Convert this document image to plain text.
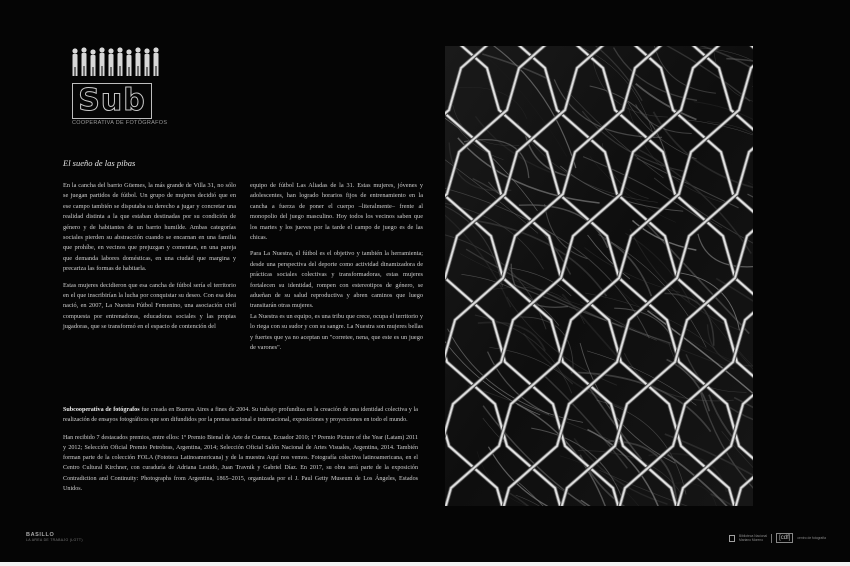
Sub
COOPERATIVA DE FOTÓGRAFOS
El sueño de las pibas

En la cancha del barrio Güemes, la más grande de Villa 31, no sólo se juegan partidos de fútbol. Un grupo de mujeres decidió que en ese campo también se disputaba su derecho a jugar y concretar una realidad distinta a la que estaban destinadas por su condición de género y de habitantes de un barrio humilde. Ambas categorías sociales pierden su abstracción cuando se encarnan en una familia que prohíbe, en vecinos que prejuzgan y comentan, en una pareja que demanda labores domésticas, en una ciudad que margina y precariza las formas de habitarla.

Estas mujeres decidieron que esa cancha de fútbol sería el territorio en el que inscribirían la lucha por conquistar su deseo. Con esa idea nació, en 2007, La Nuestra Fútbol Femenino, una asociación civil compuesta por entrenadoras, educadoras sociales y las propias jugadoras, que se transformó en el espacio de contención del

equipo de fútbol Las Aliadas de la 31. Estas mujeres, jóvenes y adolescentes, han logrado horarios fijos de entrenamiento en la cancha a fuerza de poner el cuerpo –literalmente– frente al monopolio del juego masculino. Hoy todos los vecinos saben que los martes y los jueves por la tarde el campo de juego es de las chicas.

Para La Nuestra, el fútbol es el objetivo y también la herramienta; desde una perspectiva del deporte como actividad dinamizadora de prácticas sociales colectivas y transformadoras, estas mujeres fortalecen su identidad, rompen con estereotipos de género, se adueñan de su salud reproductiva y abren caminos que luego transitarán otras mujeres.

La Nuestra es un equipo, es una tribu que crece, ocupa el territorio y lo riega con su sudor y con su sangre. La Nuestra son mujeres bellas y fuertes que ya no aceptan un "corretee, nena, que este es un juego de varones".

Subcooperativa de fotógrafos fue creada en Buenos Aires a fines de 2004. Su trabajo profundiza en la creación de una identidad colectiva y la realización de ensayos fotográficos que son difundidos por la prensa nacional e internacional, exposiciones y proyecciones en todo el mundo.

Han recibido 7 destacados premios, entre ellos: 1º Premio Bienal de Arte de Cuenca, Ecuador 2010; 1º Premio Picture of the Year (Latam) 2011 y 2012; Selección Oficial Premio Petrobras, Argentina, 2014; Selección Oficial Salón Nacional de Artes Visuales, Argentina, 2014. También forman parte de la colección FOLA (Fototeca Latinoamericana) y de la muestra Aquí nos vemos. Fotografía colectiva latinoamericana, en el Centro Cultural Kirchner, con curaduría de Adriana Lestido, Juan Travnik y Gabriel Díaz. En 2017, su obra será parte de la exposición Contradiction and Continuity: Photographs from Argentina, 1865–2015, organizada por el J. Paul Getty Museum de Los Ángeles, Estados Unidos.

BASILLO
LA AREA DE TRABAJO (LGTT)
Biblioteca Nacional
Mariano Moreno	[cdf]	centro de fotografía
